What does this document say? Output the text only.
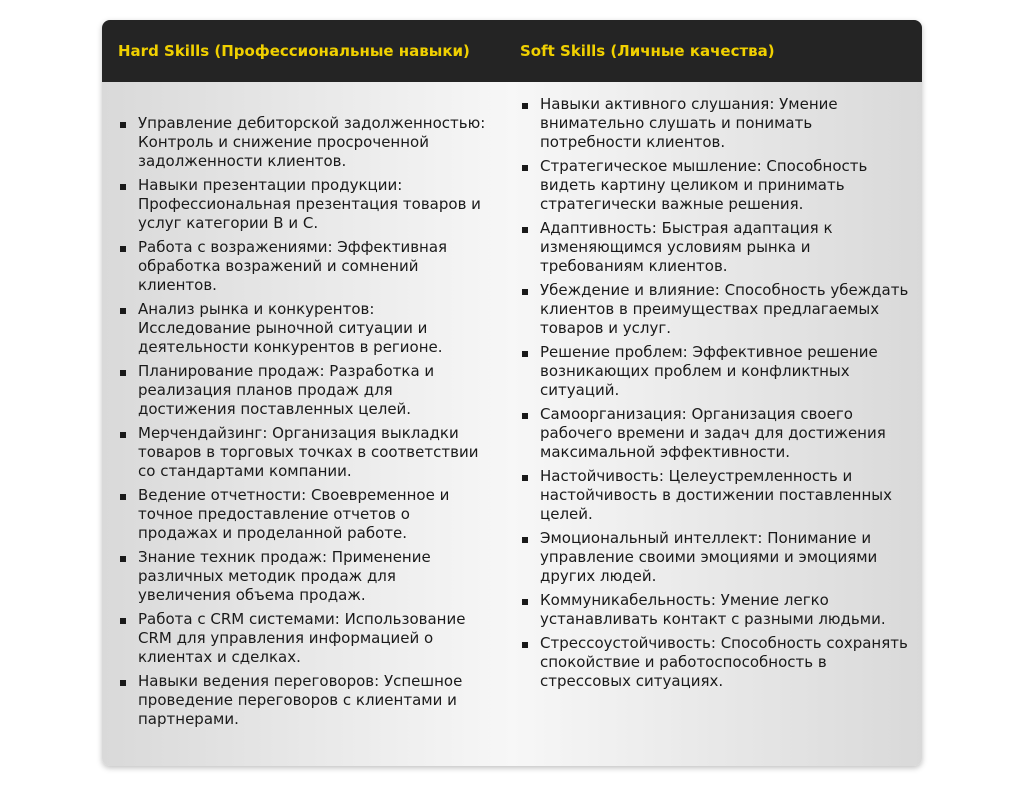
Hard Skills (Профессиональные навыки)	Soft Skills (Личные качества)
Управление дебиторской задолженностью: Контроль и снижение просроченной задолженности клиентов.
Навыки презентации продукции: Профессиональная презентация товаров и услуг категории В и С.
Работа с возражениями: Эффективная обработка возражений и сомнений клиентов.
Анализ рынка и конкурентов: Исследование рыночной ситуации и деятельности конкурентов в регионе.
Планирование продаж: Разработка и реализация планов продаж для достижения поставленных целей.
Мерчендайзинг: Организация выкладки товаров в торговых точках в соответствии со стандартами компании.
Ведение отчетности: Своевременное и точное предоставление отчетов о продажах и проделанной работе.
Знание техник продаж: Применение различных методик продаж для увеличения объема продаж.
Работа с CRM системами: Использование CRM для управления информацией о клиентах и сделках.
Навыки ведения переговоров: Успешное проведение переговоров с клиентами и партнерами.
Навыки активного слушания: Умение внимательно слушать и понимать потребности клиентов.
Стратегическое мышление: Способность видеть картину целиком и принимать стратегически важные решения.
Адаптивность: Быстрая адаптация к изменяющимся условиям рынка и требованиям клиентов.
Убеждение и влияние: Способность убеждать клиентов в преимуществах предлагаемых товаров и услуг.
Решение проблем: Эффективное решение возникающих проблем и конфликтных ситуаций.
Самоорганизация: Организация своего рабочего времени и задач для достижения максимальной эффективности.
Настойчивость: Целеустремленность и настойчивость в достижении поставленных целей.
Эмоциональный интеллект: Понимание и управление своими эмоциями и эмоциями других людей.
Коммуникабельность: Умение легко устанавливать контакт с разными людьми.
Стрессоустойчивость: Способность сохранять спокойствие и работоспособность в стрессовых ситуациях.
